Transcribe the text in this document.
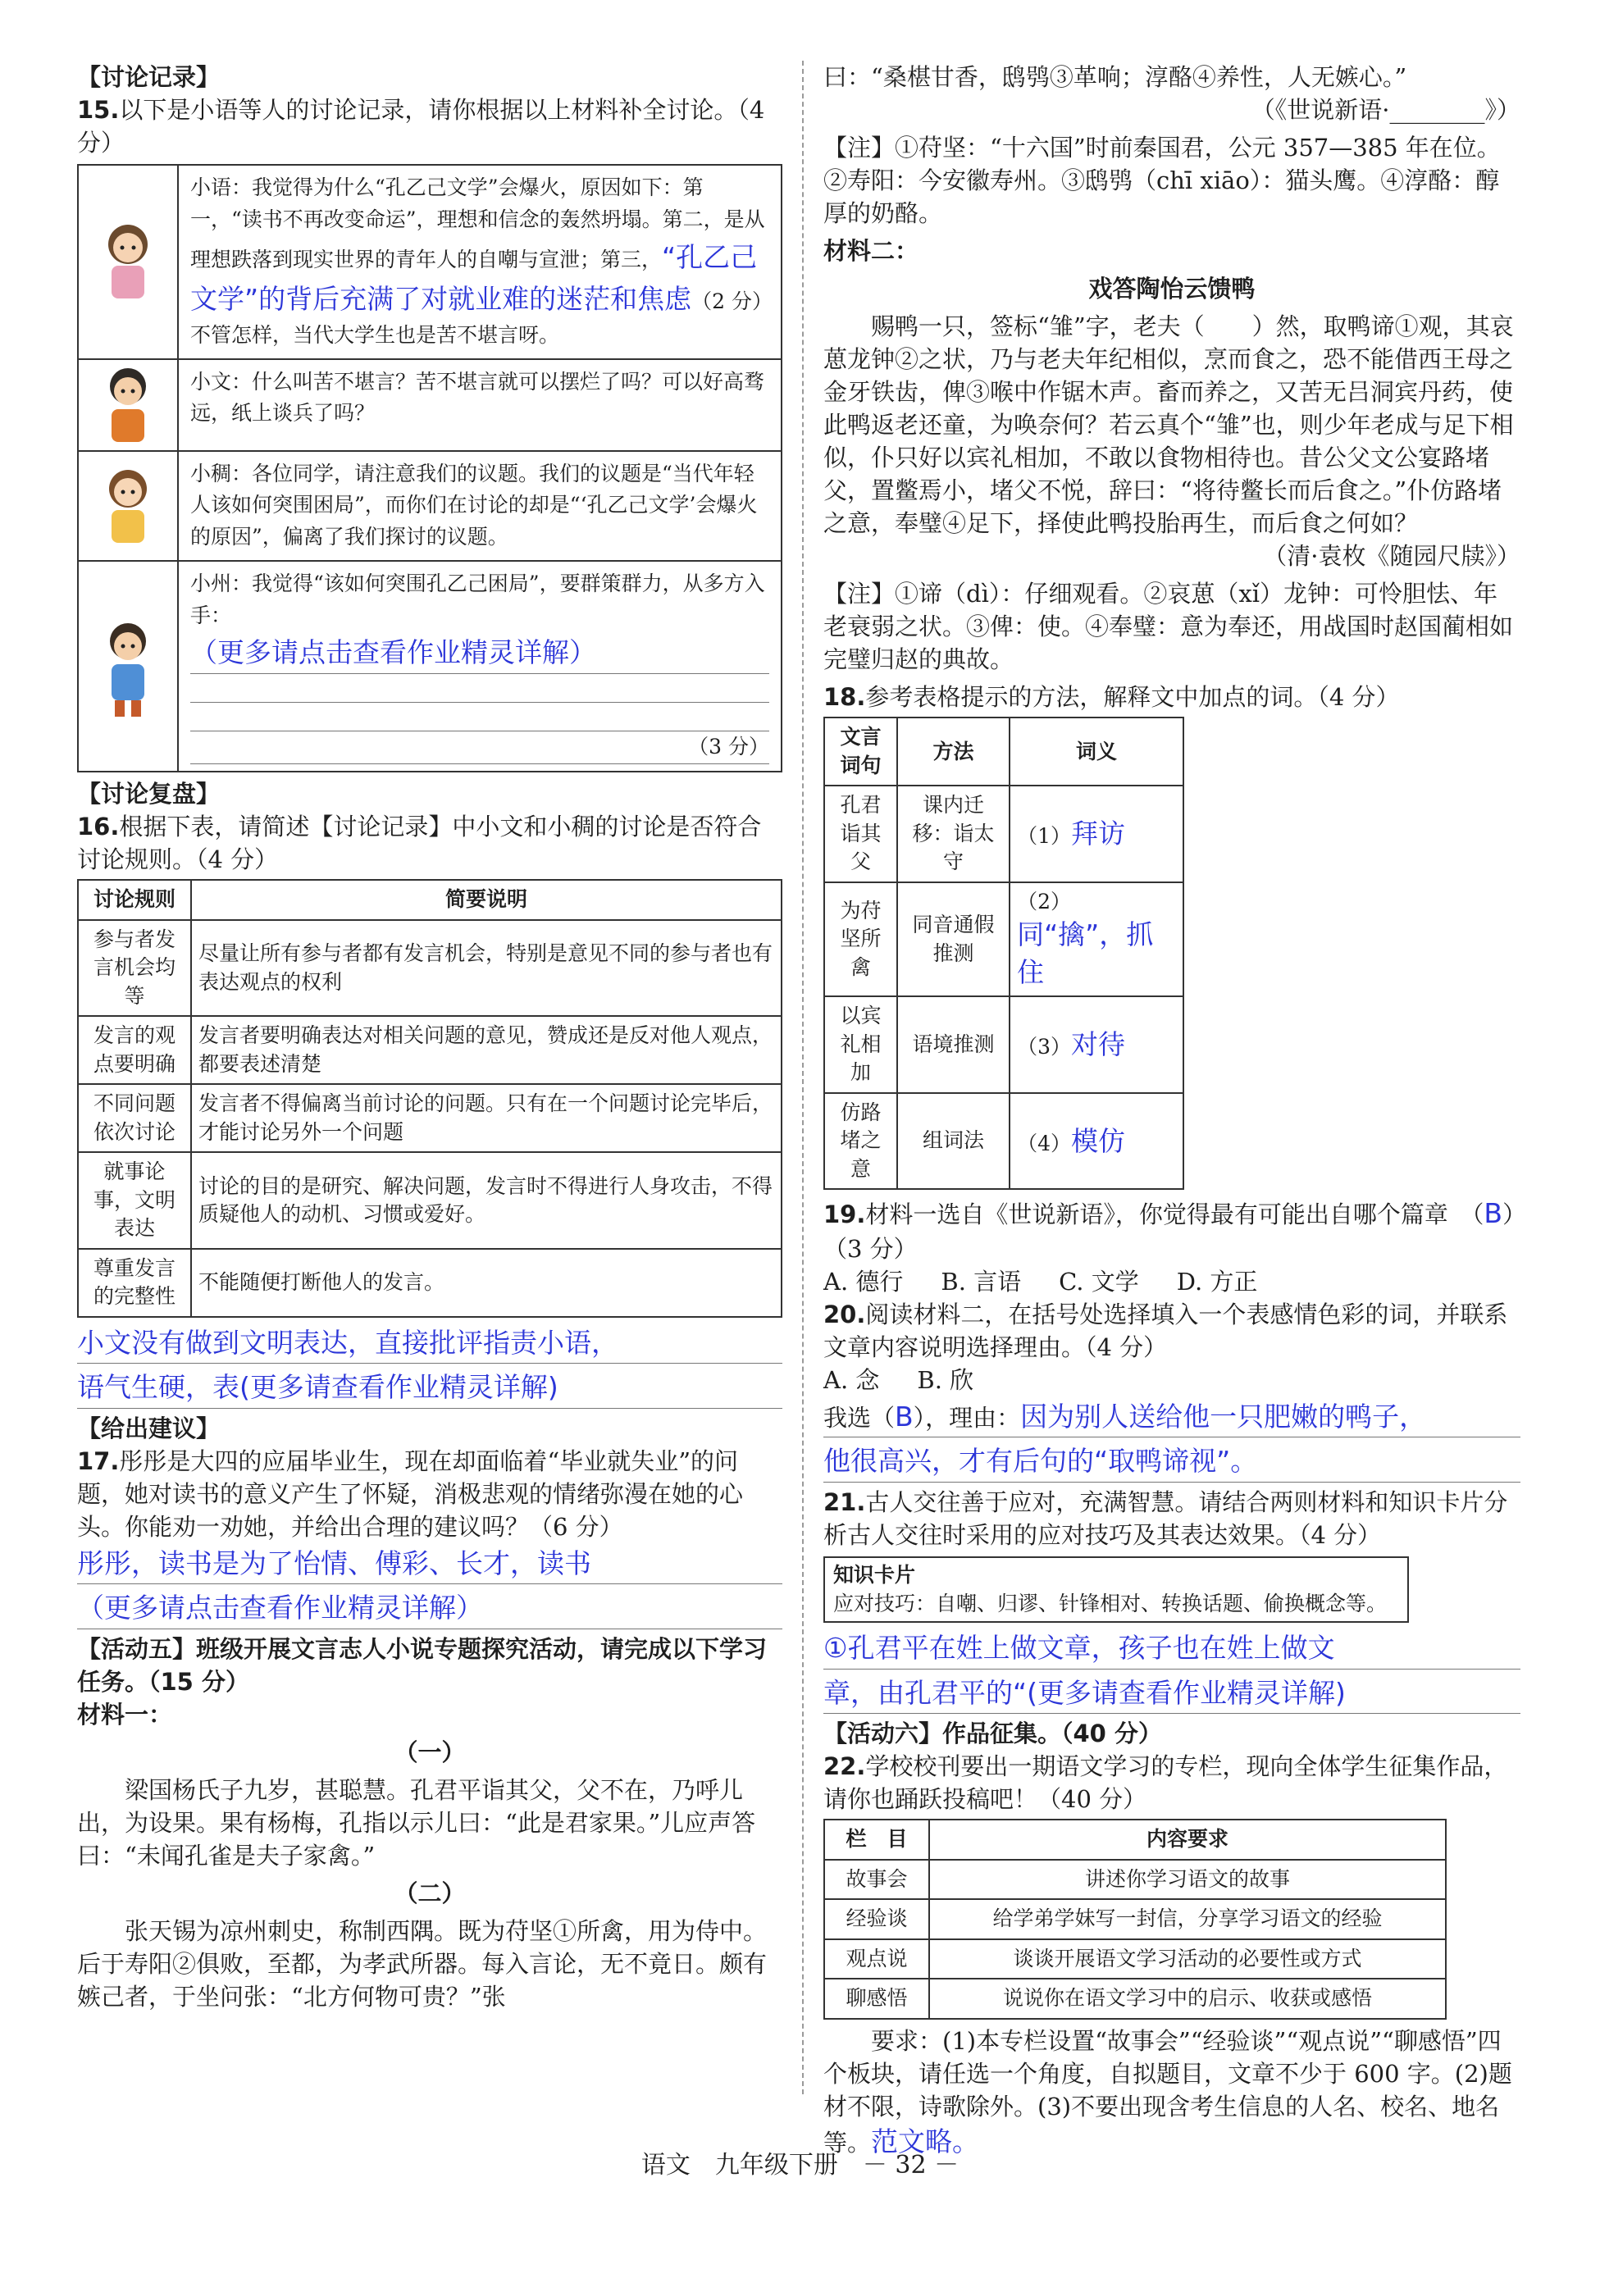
【讨论记录】

15.以下是小语等人的讨论记录，请你根据以上材料补全讨论。（4 分）

小语：我觉得为什么“孔乙己文学”会爆火，原因如下：第一，“读书不再改变命运”，理想和信念的轰然坍塌。第二，是从理想跌落到现实世界的青年人的自嘲与宣泄；第三，“孔乙己文学”的背后充满了对就业难的迷茫和焦虑（2 分）不管怎样，当代大学生也是苦不堪言呀。
小文：什么叫苦不堪言？苦不堪言就可以摆烂了吗？可以好高骛远，纸上谈兵了吗？
小稠：各位同学，请注意我们的议题。我们的议题是“当代年轻人该如何突围困局”，而你们在讨论的却是“‘孔乙己文学’会爆火的原因”，偏离了我们探讨的议题。
小州：我觉得“该如何突围孔乙己困局”，要群策群力，从多方入手：
（更多请点击查看作业精灵详解）
（3 分）
【讨论复盘】

16.根据下表，请简述【讨论记录】中小文和小稠的讨论是否符合讨论规则。（4 分）

讨论规则	简要说明
参与者发言机会均等	尽量让所有参与者都有发言机会，特别是意见不同的参与者也有表达观点的权利
发言的观点要明确	发言者要明确表达对相关问题的意见，赞成还是反对他人观点，都要表述清楚
不同问题依次讨论	发言者不得偏离当前讨论的问题。只有在一个问题讨论完毕后，才能讨论另外一个问题
就事论事，文明表达	讨论的目的是研究、解决问题，发言时不得进行人身攻击，不得质疑他人的动机、习惯或爱好。
尊重发言的完整性	不能随便打断他人的发言。
小文没有做到文明表达，直接批评指责小语，
语气生硬，表(更多请查看作业精灵详解)
【给出建议】

17.彤彤是大四的应届毕业生，现在却面临着“毕业就失业”的问题，她对读书的意义产生了怀疑，消极悲观的情绪弥漫在她的心头。你能劝一劝她，并给出合理的建议吗？（6 分）

彤彤，读书是为了怡情、傅彩、长才，读书
（更多请点击查看作业精灵详解）
【活动五】班级开展文言志人小说专题探究活动，请完成以下学习任务。（15 分）
材料一：
（一）

梁国杨氏子九岁，甚聪慧。孔君平诣其父，父不在，乃呼儿出，为设果。果有杨梅，孔指以示儿曰：“此是君家果。”儿应声答曰：“未闻孔雀是夫子家禽。”

（二）

张天锡为凉州刺史，称制西隅。既为苻坚①所禽，用为侍中。后于寿阳②俱败，至都，为孝武所器。每入言论，无不竟日。颇有嫉己者，于坐问张：“北方何物可贵？”张

曰：“桑椹甘香，鸱鸮③革响；淳酪④养性，人无嫉心。”

（《世说新语·________》）

【注】①苻坚：“十六国”时前秦国君，公元 357—385 年在位。②寿阳：今安徽寿州。③鸱鸮（chī xiāo）：猫头鹰。④淳酪：醇厚的奶酪。

材料二：
戏答陶怡云馈鸭

赐鸭一只，签标“雏”字，老夫（　　）然，取鸭谛①观，其哀葸龙钟②之状，乃与老夫年纪相似，烹而食之，恐不能借西王母之金牙铁齿，俾③喉中作锯木声。畜而养之，又苦无吕洞宾丹药，使此鸭返老还童，为唤奈何？若云真个“雏”也，则少年老成与足下相似，仆只好以宾礼相加，不敢以食物相待也。昔公父文公宴路堵父，置鳖焉小，堵父不悦，辞曰：“将待鳖长而后食之。”仆仿路堵之意，奉璧④足下，择使此鸭投胎再生，而后食之何如？

（清·袁枚《随园尺牍》）

【注】①谛（dì）：仔细观看。②哀葸（xǐ）龙钟：可怜胆怯、年老衰弱之状。③俾：使。④奉璧：意为奉还，用战国时赵国蔺相如完璧归赵的典故。

18.参考表格提示的方法，解释文中加点的词。（4 分）

文言词句	方法	词义
孔君诣其父	课内迁移：诣太守	（1）拜访
为苻坚所禽	同音通假推测	（2）同“擒”，抓住
以宾礼相加	语境推测	（3）对待
仿路堵之意	组词法	（4）模仿

19.材料一选自《世说新语》，你觉得最有可能出自哪个篇章　 （B）（3 分）

A. 德行 B. 言语 C. 文学 D. 方正

20.阅读材料二，在括号处选择填入一个表感情色彩的词，并联系文章内容说明选择理由。（4 分）

A. 念 B. 欣
我选（B），理由：因为别人送给他一只肥嫩的鸭子，
他很高兴，才有后句的“取鸭谛视”。

21.古人交往善于应对，充满智慧。请结合两则材料和知识卡片分析古人交往时采用的应对技巧及其表达效果。（4 分）

知识卡片
应对技巧：自嘲、归谬、针锋相对、转换话题、偷换概念等。
①孔君平在姓上做文章，孩子也在姓上做文
章，由孔君平的“(更多请查看作业精灵详解)
【活动六】作品征集。（40 分）

22.学校校刊要出一期语文学习的专栏，现向全体学生征集作品，请你也踊跃投稿吧！（40 分）

栏　目	内容要求
故事会	讲述你学习语文的故事
经验谈	给学弟学妹写一封信，分享学习语文的经验
观点说	谈谈开展语文学习活动的必要性或方式
聊感悟	说说你在语文学习中的启示、收获或感悟

要求：(1)本专栏设置“故事会”“经验谈”“观点说”“聊感悟”四个板块，请任选一个角度，自拟题目，文章不少于 600 字。(2)题材不限，诗歌除外。(3)不要出现含考生信息的人名、校名、地名等。范文略。

语文　九年级下册　－ 32 －
